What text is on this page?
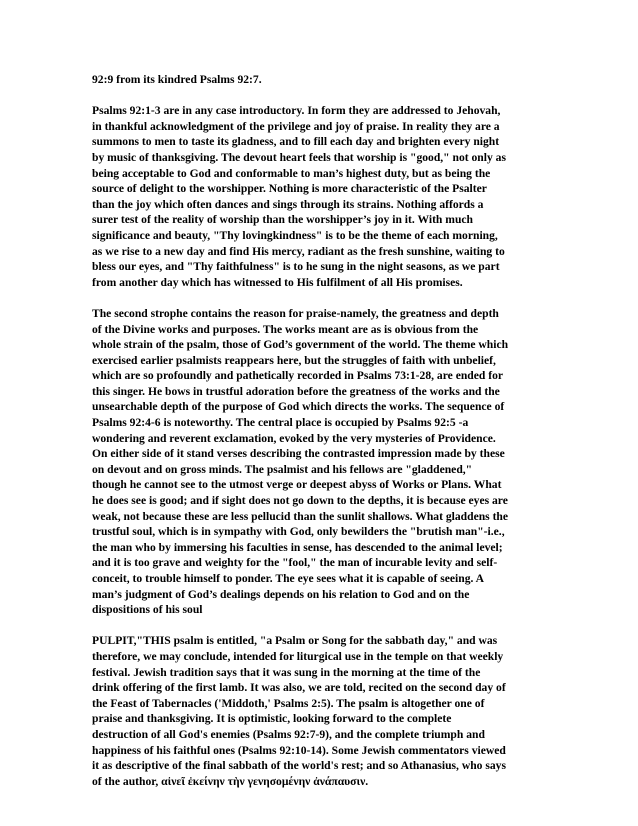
92:9 from its kindred Psalms 92:7.
Psalms 92:1-3 are in any case introductory. In form they are addressed to Jehovah,
in thankful acknowledgment of the privilege and joy of praise. In reality they are a
summons to men to taste its gladness, and to fill each day and brighten every night
by music of thanksgiving. The devout heart feels that worship is "good," not only as
being acceptable to God and conformable to man’s highest duty, but as being the
source of delight to the worshipper. Nothing is more characteristic of the Psalter
than the joy which often dances and sings through its strains. Nothing affords a
surer test of the reality of worship than the worshipper’s joy in it. With much
significance and beauty, "Thy lovingkindness" is to be the theme of each morning,
as we rise to a new day and find His mercy, radiant as the fresh sunshine, waiting to
bless our eyes, and "Thy faithfulness" is to he sung in the night seasons, as we part
from another day which has witnessed to His fulfilment of all His promises.
The second strophe contains the reason for praise-namely, the greatness and depth
of the Divine works and purposes. The works meant are as is obvious from the
whole strain of the psalm, those of God’s government of the world. The theme which
exercised earlier psalmists reappears here, but the struggles of faith with unbelief,
which are so profoundly and pathetically recorded in Psalms 73:1-28, are ended for
this singer. He bows in trustful adoration before the greatness of the works and the
unsearchable depth of the purpose of God which directs the works. The sequence of
Psalms 92:4-6 is noteworthy. The central place is occupied by Psalms 92:5 -a
wondering and reverent exclamation, evoked by the very mysteries of Providence.
On either side of it stand verses describing the contrasted impression made by these
on devout and on gross minds. The psalmist and his fellows are "gladdened,"
though he cannot see to the utmost verge or deepest abyss of Works or Plans. What
he does see is good; and if sight does not go down to the depths, it is because eyes are
weak, not because these are less pellucid than the sunlit shallows. What gladdens the
trustful soul, which is in sympathy with God, only bewilders the "brutish man"-i.e.,
the man who by immersing his faculties in sense, has descended to the animal level;
and it is too grave and weighty for the "fool," the man of incurable levity and self-
conceit, to trouble himself to ponder. The eye sees what it is capable of seeing. A
man’s judgment of God’s dealings depends on his relation to God and on the
dispositions of his soul
PULPIT,"THIS psalm is entitled, "a Psalm or Song for the sabbath day," and was
therefore, we may conclude, intended for liturgical use in the temple on that weekly
festival. Jewish tradition says that it was sung in the morning at the time of the
drink offering of the first lamb. It was also, we are told, recited on the second day of
the Feast of Tabernacles ('Middoth,' Psalms 2:5). The psalm is altogether one of
praise and thanksgiving. It is optimistic, looking forward to the complete
destruction of all God's enemies (Psalms 92:7-9), and the complete triumph and
happiness of his faithful ones (Psalms 92:10-14). Some Jewish commentators viewed
it as descriptive of the final sabbath of the world's rest; and so Athanasius, who says
of the author, αἰνεῖ ἐκείνην τὴν γενησομένην ἀνάπαυσιν.
